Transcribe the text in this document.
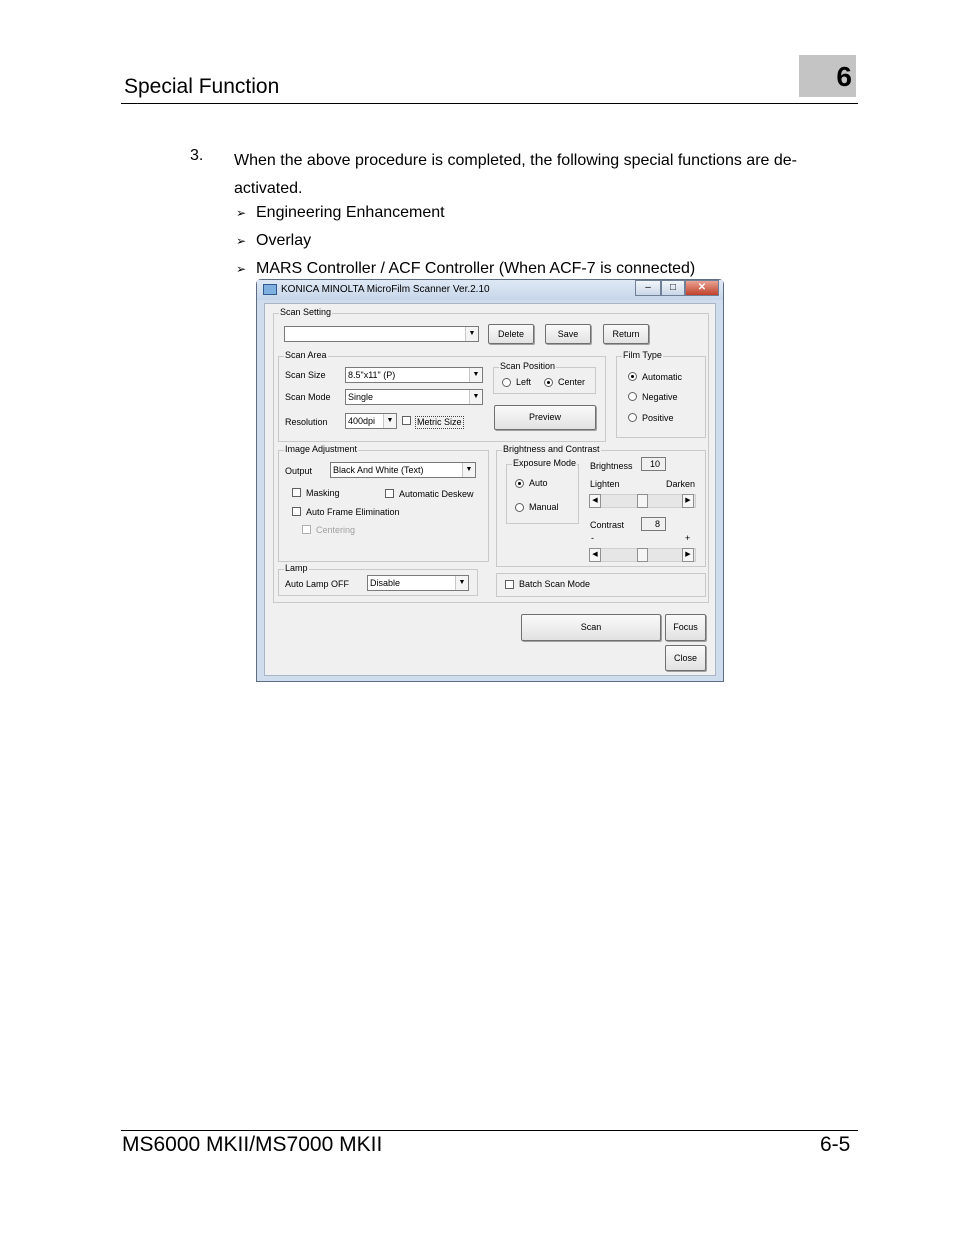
Special Function	6
3. When the above procedure is completed, the following special functions are de-activated.
➢ Engineering Enhancement
➢ Overlay
➢ MARS Controller / ACF Controller (When ACF-7 is connected)
KONICA MINOLTA MicroFilm Scanner Ver.2.10	–	□	✕
Scan Setting
▼	Delete	Save	Return
Scan Area
Scan Size	8.5"x11" (P)	▼
Scan Mode	Single	▼
Resolution	400dpi	▼	Metric Size
Scan Position
Left	Center
Preview
Film Type
Automatic
Negative
Positive
Image Adjustment
Output	Black And White (Text)	▼
Masking	Automatic Deskew
Auto Frame Elimination
Centering
Brightness and Contrast
Exposure Mode
Auto
Manual
Brightness	10
Lighten	Darken
◀	▶
Contrast	8
-	+
◀	▶
Lamp
Auto Lamp OFF	Disable	▼	Batch Scan Mode
Scan	Focus
Close
MS6000 MKII/MS7000 MKII	6-5
